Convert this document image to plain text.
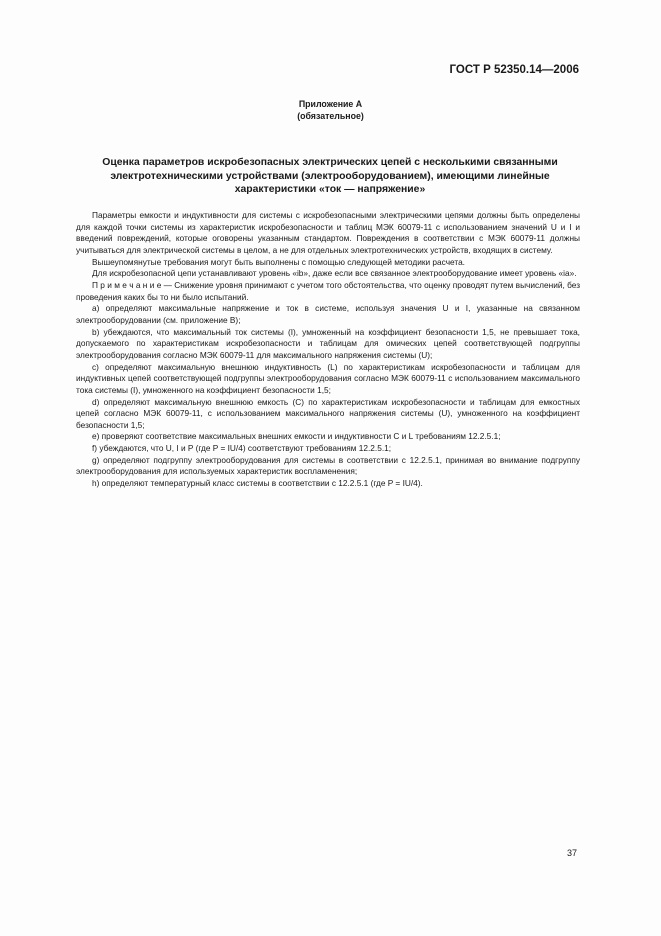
ГОСТ Р 52350.14—2006
Приложение А
(обязательное)
Оценка параметров искробезопасных электрических цепей с несколькими связанными
электротехническими устройствами (электрооборудованием), имеющими линейные
характеристики «ток — напряжение»

Параметры емкости и индуктивности для системы с искробезопасными электрическими цепями должны быть определены для каждой точки системы из характеристик искробезопасности и таблиц МЭК 60079-11 с использованием значений U и I и введений повреждений, которые оговорены указанным стандартом. Повреждения в соответствии с МЭК 60079-11 должны учитываться для электрической системы в целом, а не для отдельных электротехнических устройств, входящих в систему.

Вышеупомянутые требования могут быть выполнены с помощью следующей методики расчета.

Для искробезопасной цепи устанавливают уровень «ib», даже если все связанное электрооборудование имеет уровень «ia».

П р и м е ч а н и е — Снижение уровня принимают с учетом того обстоятельства, что оценку проводят путем вычислений, без проведения каких бы то ни было испытаний.

a) определяют максимальные напряжение и ток в системе, используя значения U и I, указанные на связанном электрооборудовании (см. приложение В);

b) убеждаются, что максимальный ток системы (I), умноженный на коэффициент безопасности 1,5, не превышает тока, допускаемого по характеристикам искробезопасности и таблицам для омических цепей соответствующей подгруппы электрооборудования согласно МЭК 60079-11 для максимального напряжения системы (U);

c) определяют максимальную внешнюю индуктивность (L) по характеристикам искробезопасности и таблицам для индуктивных цепей соответствующей подгруппы электрооборудования согласно МЭК 60079-11 с использованием максимального тока системы (I), умноженного на коэффициент безопасности 1,5;

d) определяют максимальную внешнюю емкость (C) по характеристикам искробезопасности и таблицам для емкостных цепей согласно МЭК 60079-11, с использованием максимального напряжения системы (U), умноженного на коэффициент безопасности 1,5;

e) проверяют соответствие максимальных внешних емкости и индуктивности C и L требованиям 12.2.5.1;

f) убеждаются, что U, I и P (где P = IU/4) соответствуют требованиям 12.2.5.1;

g) определяют подгруппу электрооборудования для системы в соответствии с 12.2.5.1, принимая во внимание подгруппу электрооборудования для используемых характеристик воспламенения;

h) определяют температурный класс системы в соответствии с 12.2.5.1 (где P = IU/4).

37
